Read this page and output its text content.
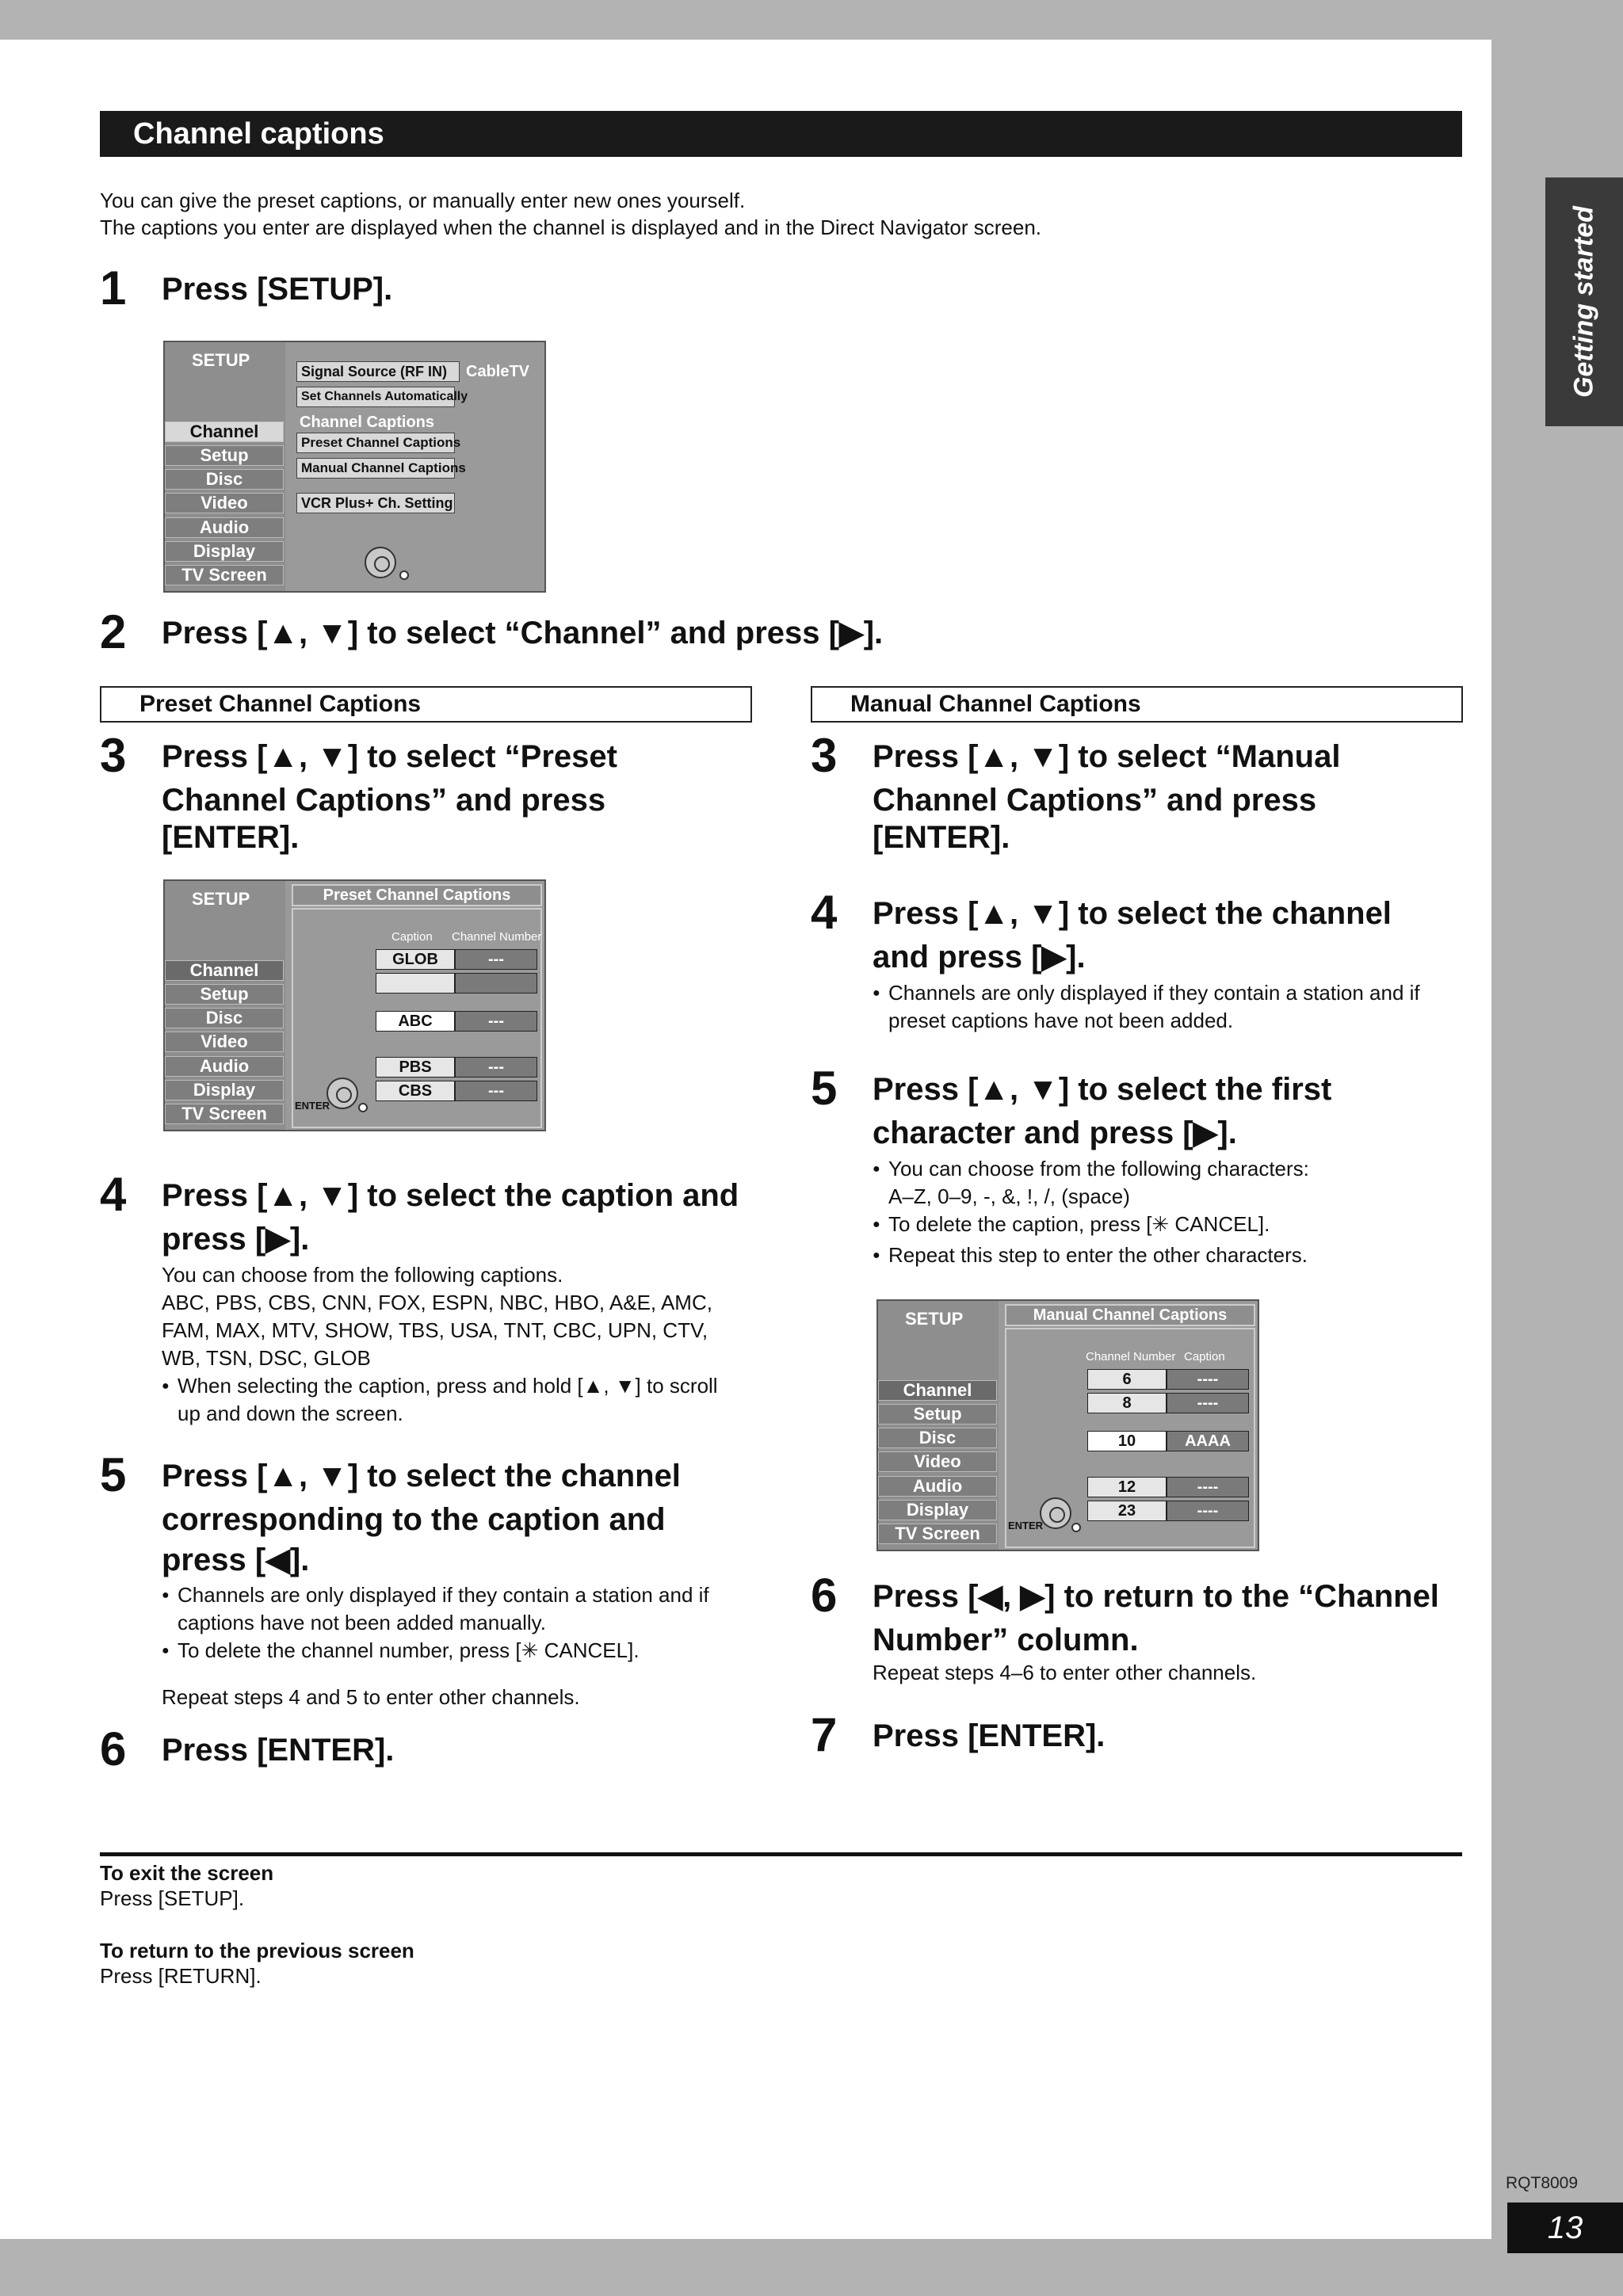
Getting started
RQT8009
13
Channel captions
You can give the preset captions, or manually enter new ones yourself.
The captions you enter are displayed when the channel is displayed and in the Direct Navigator screen.
1 Press [SETUP].
SETUP
Channel
Setup
Disc
Video
Audio
Display
TV Screen
Signal Source (RF IN)	CableTV
Set Channels Automatically
Channel Captions
Preset Channel Captions
Manual Channel Captions
VCR Plus+ Ch. Setting
2 Press [▲, ▼] to select “Channel” and press [▶].
Preset Channel Captions	Manual Channel Captions
3 Press [▲, ▼] to select “Preset
Channel Captions” and press
[ENTER].
SETUP
Channel
Setup
Disc
Video
Audio
Display
TV Screen
Preset Channel Captions
Caption Channel Number
GLOB	---
ABC	---
PBS	---
CBS	---
ENTER
4 Press [▲, ▼] to select the caption and
press [▶].
You can choose from the following captions.
ABC, PBS, CBS, CNN, FOX, ESPN, NBC, HBO, A&E, AMC,
FAM, MAX, MTV, SHOW, TBS, USA, TNT, CBC, UPN, CTV,
WB, TSN, DSC, GLOB
● When selecting the caption, press and hold [▲, ▼] to scroll
up and down the screen.
5 Press [▲, ▼] to select the channel
corresponding to the caption and
press [◀].
● Channels are only displayed if they contain a station and if
captions have not been added manually.
● To delete the channel number, press [✳ CANCEL].
Repeat steps 4 and 5 to enter other channels.
6 Press [ENTER].
3 Press [▲, ▼] to select “Manual
Channel Captions” and press
[ENTER].
4 Press [▲, ▼] to select the channel
and press [▶].
● Channels are only displayed if they contain a station and if
preset captions have not been added.
5 Press [▲, ▼] to select the first
character and press [▶].
● You can choose from the following characters:
A–Z, 0–9, -, &, !, /, (space)
● To delete the caption, press [✳ CANCEL].
● Repeat this step to enter the other characters.
SETUP
Channel
Setup
Disc
Video
Audio
Display
TV Screen
Manual Channel Captions
Channel Number Caption
6	----
8	----
10	AAAA
12	----
23	----
ENTER
6 Press [◀, ▶] to return to the “Channel
Number” column.
Repeat steps 4–6 to enter other channels.
7 Press [ENTER].
To exit the screen
Press [SETUP].
To return to the previous screen
Press [RETURN].
